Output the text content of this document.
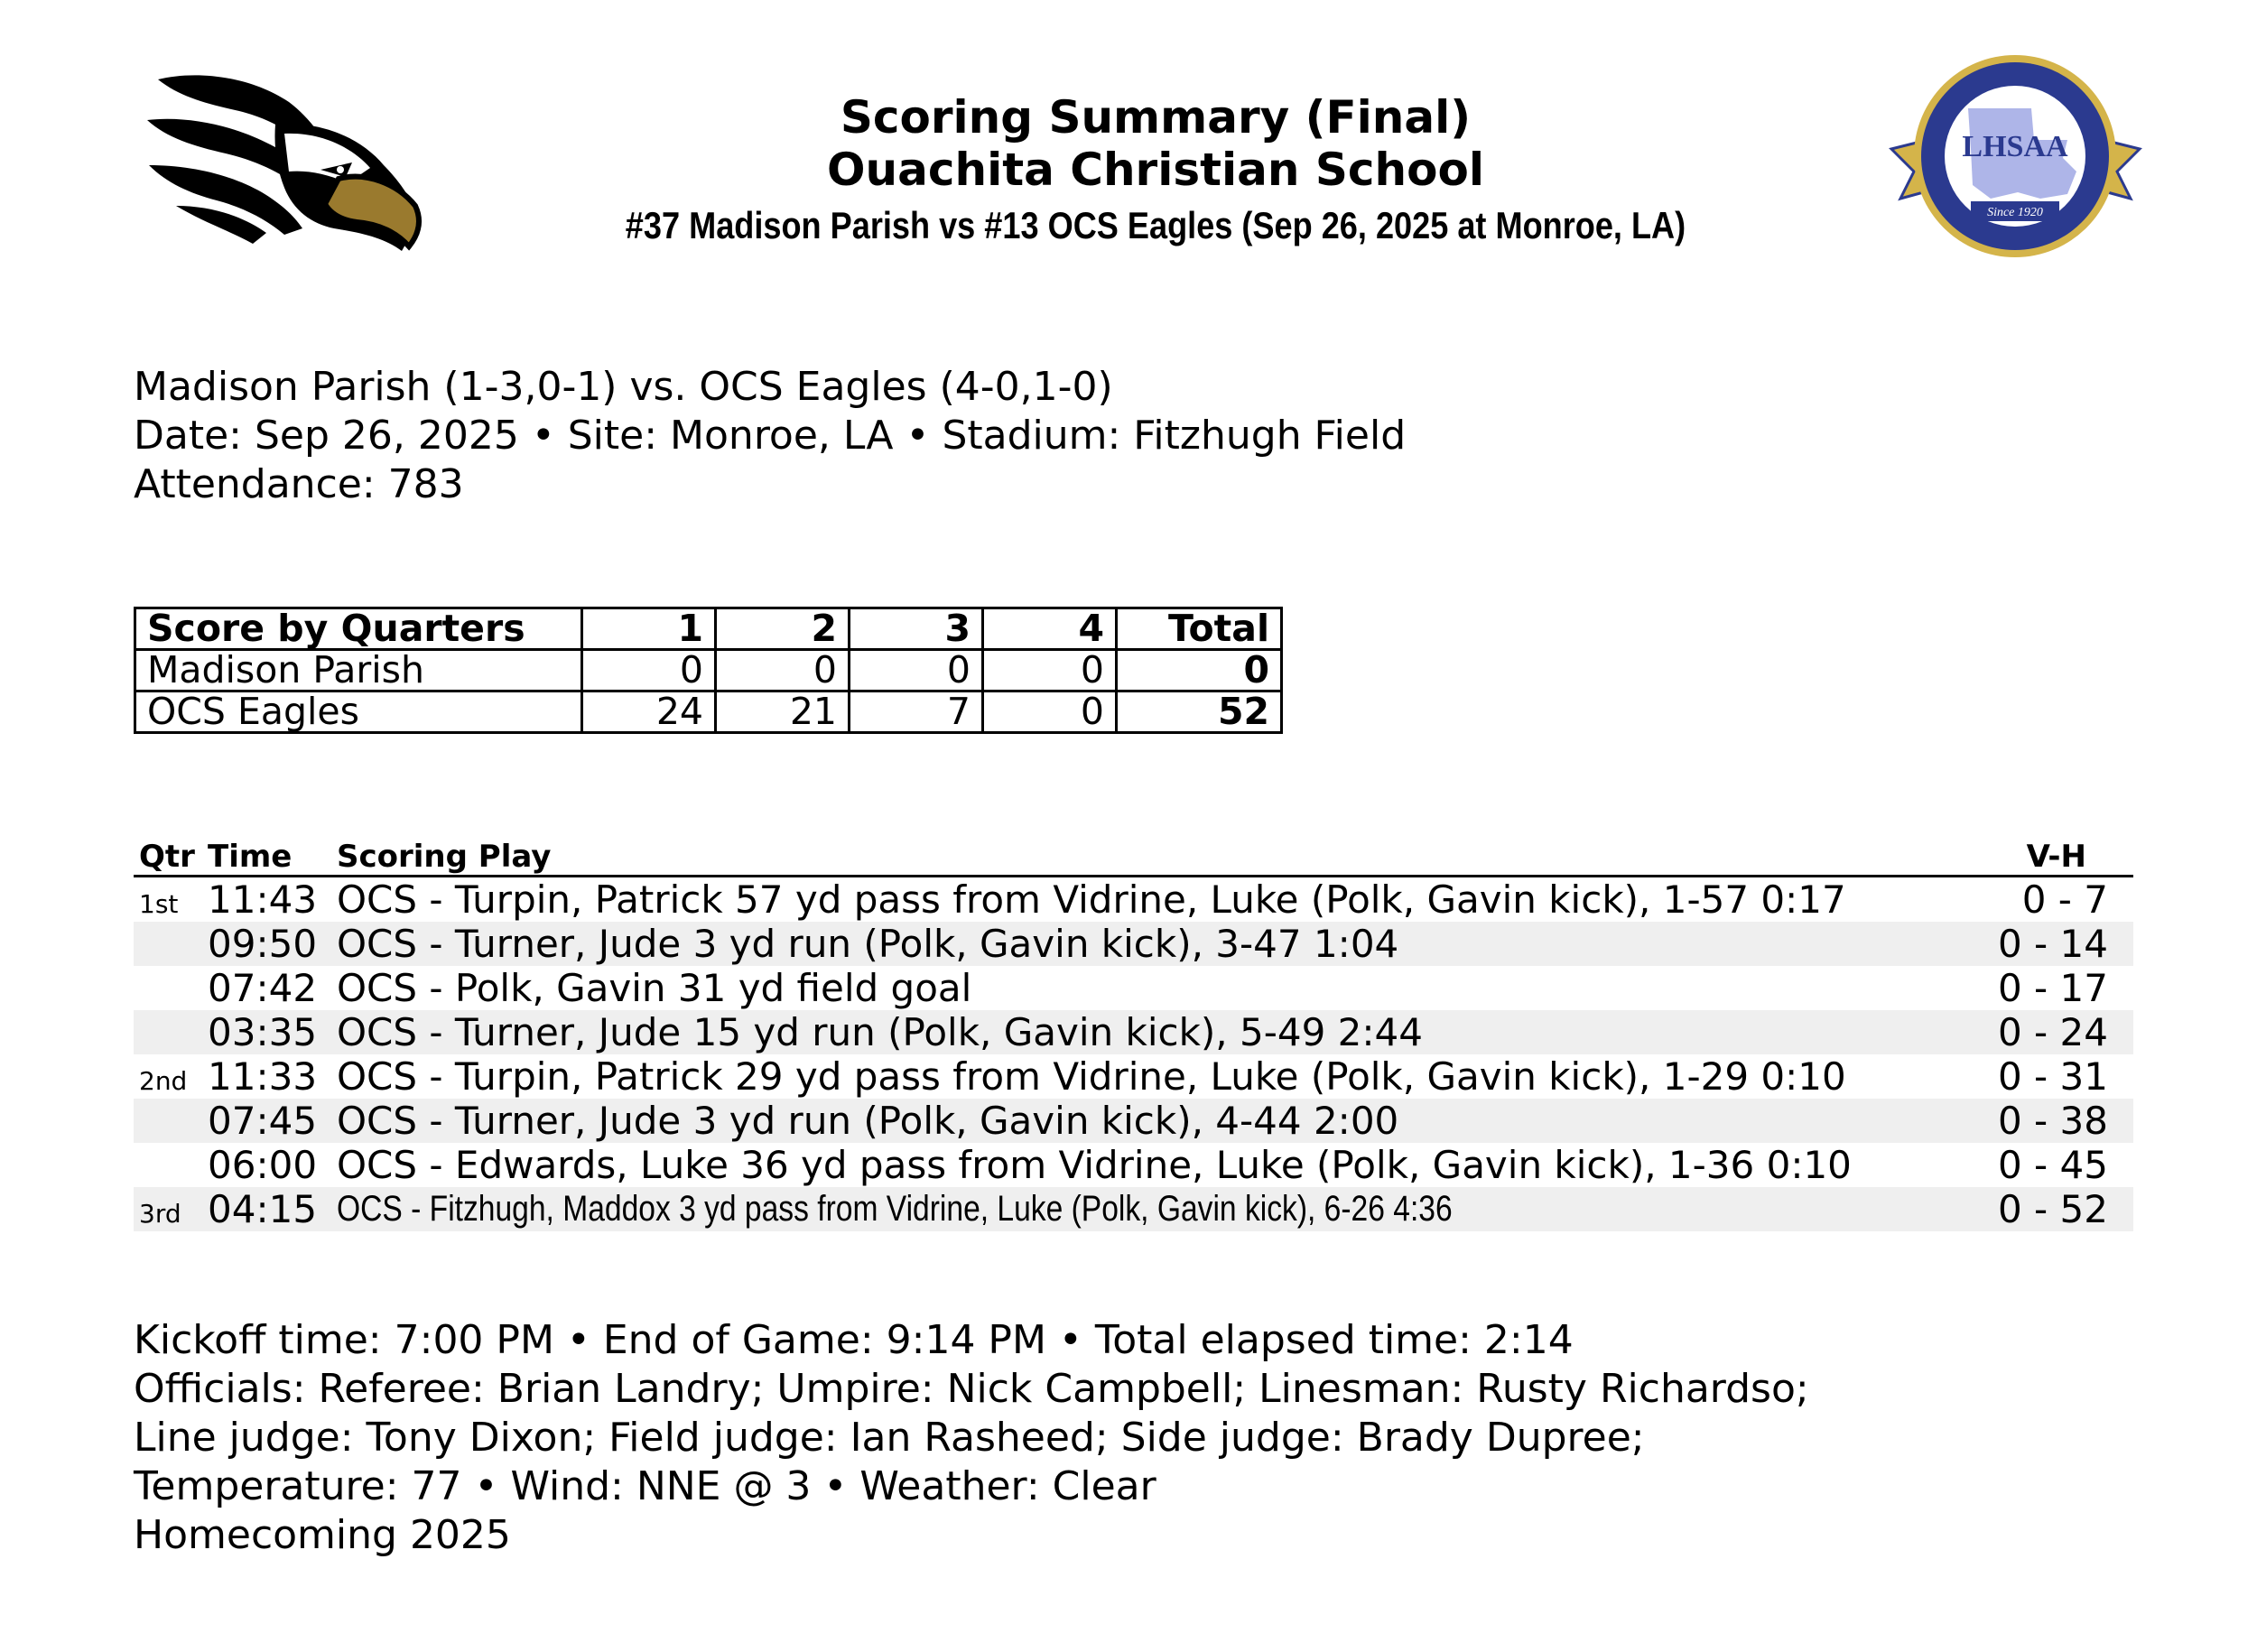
LHSAA
Since 1920
Scoring Summary (Final)
Ouachita Christian School
#37 Madison Parish vs #13 OCS Eagles (Sep 26, 2025 at Monroe, LA)
Madison Parish (1-3,0-1) vs. OCS Eagles (4-0,1-0)
Date: Sep 26, 2025 • Site: Monroe, LA • Stadium: Fitzhugh Field
Attendance: 783
Score by Quarters	1	2	3	4	Total
Madison Parish	0	0	0	0	0
OCS Eagles	24	21	7	0	52
Qtr Time Scoring Play	V-H
1st 11:43 OCS - Turpin, Patrick 57 yd pass from Vidrine, Luke (Polk, Gavin kick), 1-57 0:17	0 - 7
09:50 OCS - Turner, Jude 3 yd run (Polk, Gavin kick), 3-47 1:04	0 - 14
07:42 OCS - Polk, Gavin 31 yd field goal	0 - 17
03:35 OCS - Turner, Jude 15 yd run (Polk, Gavin kick), 5-49 2:44	0 - 24
2nd 11:33 OCS - Turpin, Patrick 29 yd pass from Vidrine, Luke (Polk, Gavin kick), 1-29 0:10	0 - 31
07:45 OCS - Turner, Jude 3 yd run (Polk, Gavin kick), 4-44 2:00	0 - 38
06:00 OCS - Edwards, Luke 36 yd pass from Vidrine, Luke (Polk, Gavin kick), 1-36 0:10	0 - 45
3rd 04:15 OCS - Fitzhugh, Maddox 3 yd pass from Vidrine, Luke (Polk, Gavin kick), 6-26 4:36	0 - 52
Kickoff time: 7:00 PM • End of Game: 9:14 PM • Total elapsed time: 2:14
Officials: Referee: Brian Landry; Umpire: Nick Campbell; Linesman: Rusty Richardso;
Line judge: Tony Dixon; Field judge: Ian Rasheed; Side judge: Brady Dupree;
Temperature: 77 • Wind: NNE @ 3 • Weather: Clear
Homecoming 2025
